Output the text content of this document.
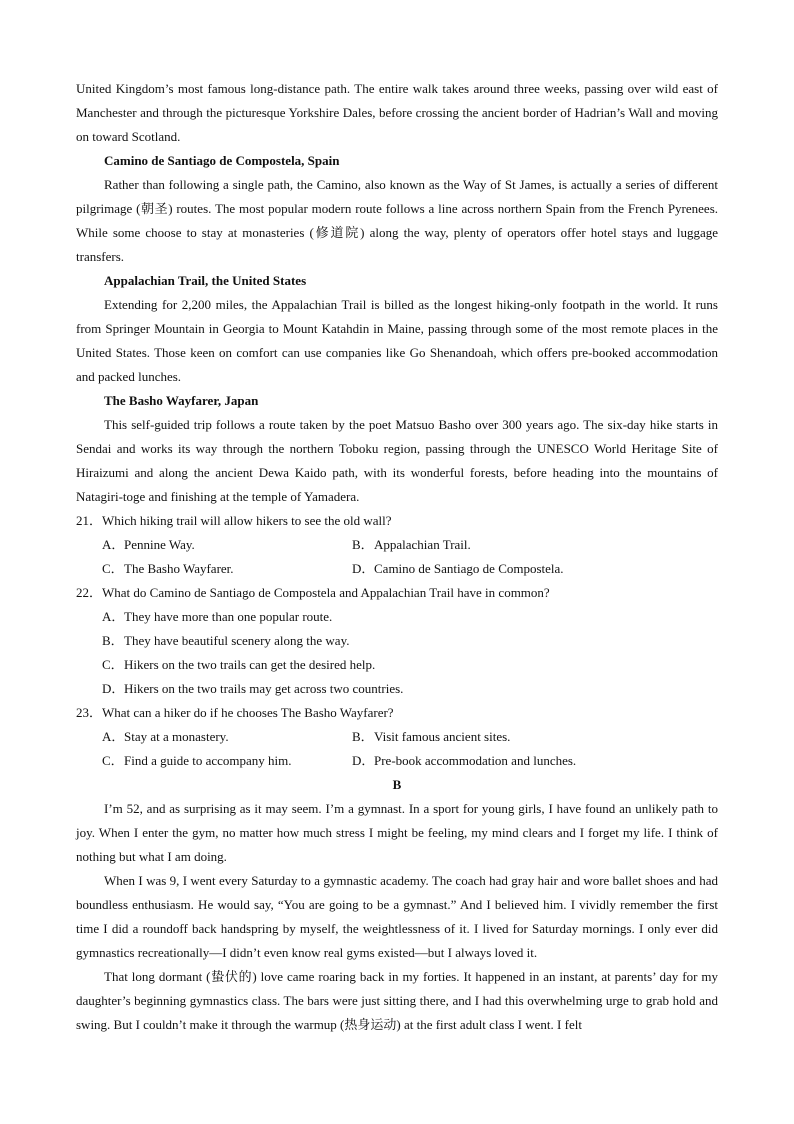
United Kingdom’s most famous long-distance path. The entire walk takes around three weeks, passing over wild east of Manchester and through the picturesque Yorkshire Dales, before crossing the ancient border of Hadrian’s Wall and moving on toward Scotland.

Camino de Santiago de Compostela, Spain

Rather than following a single path, the Camino, also known as the Way of St James, is actually a series of different pilgrimage (朝圣) routes. The most popular modern route follows a line across northern Spain from the French Pyrenees. While some choose to stay at monasteries (修道院) along the way, plenty of operators offer hotel stays and luggage transfers.

Appalachian Trail, the United States

Extending for 2,200 miles, the Appalachian Trail is billed as the longest hiking-only footpath in the world. It runs from Springer Mountain in Georgia to Mount Katahdin in Maine, passing through some of the most remote places in the United States. Those keen on comfort can use companies like Go Shenandoah, which offers pre-booked accommodation and packed lunches.

The Basho Wayfarer, Japan

This self-guided trip follows a route taken by the poet Matsuo Basho over 300 years ago. The six-day hike starts in Sendai and works its way through the northern Toboku region, passing through the UNESCO World Heritage Site of Hiraizumi and along the ancient Dewa Kaido path, with its wonderful forests, before heading into the mountains of Natagiri-toge and finishing at the temple of Yamadera.

21．Which hiking trail will allow hikers to see the old wall?

A．Pennine Way.	B．Appalachian Trail.
C．The Basho Wayfarer.	D．Camino de Santiago de Compostela.

22．What do Camino de Santiago de Compostela and Appalachian Trail have in common?

A．They have more than one popular route.
B．They have beautiful scenery along the way.
C．Hikers on the two trails can get the desired help.
D．Hikers on the two trails may get across two countries.

23．What can a hiker do if he chooses The Basho Wayfarer?

A．Stay at a monastery.	B．Visit famous ancient sites.
C．Find a guide to accompany him.	D．Pre-book accommodation and lunches.

B

I’m 52, and as surprising as it may seem. I’m a gymnast. In a sport for young girls, I have found an unlikely path to joy. When I enter the gym, no matter how much stress I might be feeling, my mind clears and I forget my life. I think of nothing but what I am doing.

When I was 9, I went every Saturday to a gymnastic academy. The coach had gray hair and wore ballet shoes and had boundless enthusiasm. He would say, “You are going to be a gymnast.” And I believed him. I vividly remember the first time I did a roundoff back handspring by myself, the weightlessness of it. I lived for Saturday mornings. I only ever did gymnastics recreationally—I didn’t even know real gyms existed—but I always loved it.

That long dormant (蛰伏的) love came roaring back in my forties. It happened in an instant, at parents’ day for my daughter’s beginning gymnastics class. The bars were just sitting there, and I had this overwhelming urge to grab hold and swing. But I couldn’t make it through the warmup (热身运动) at the first adult class I went. I felt
